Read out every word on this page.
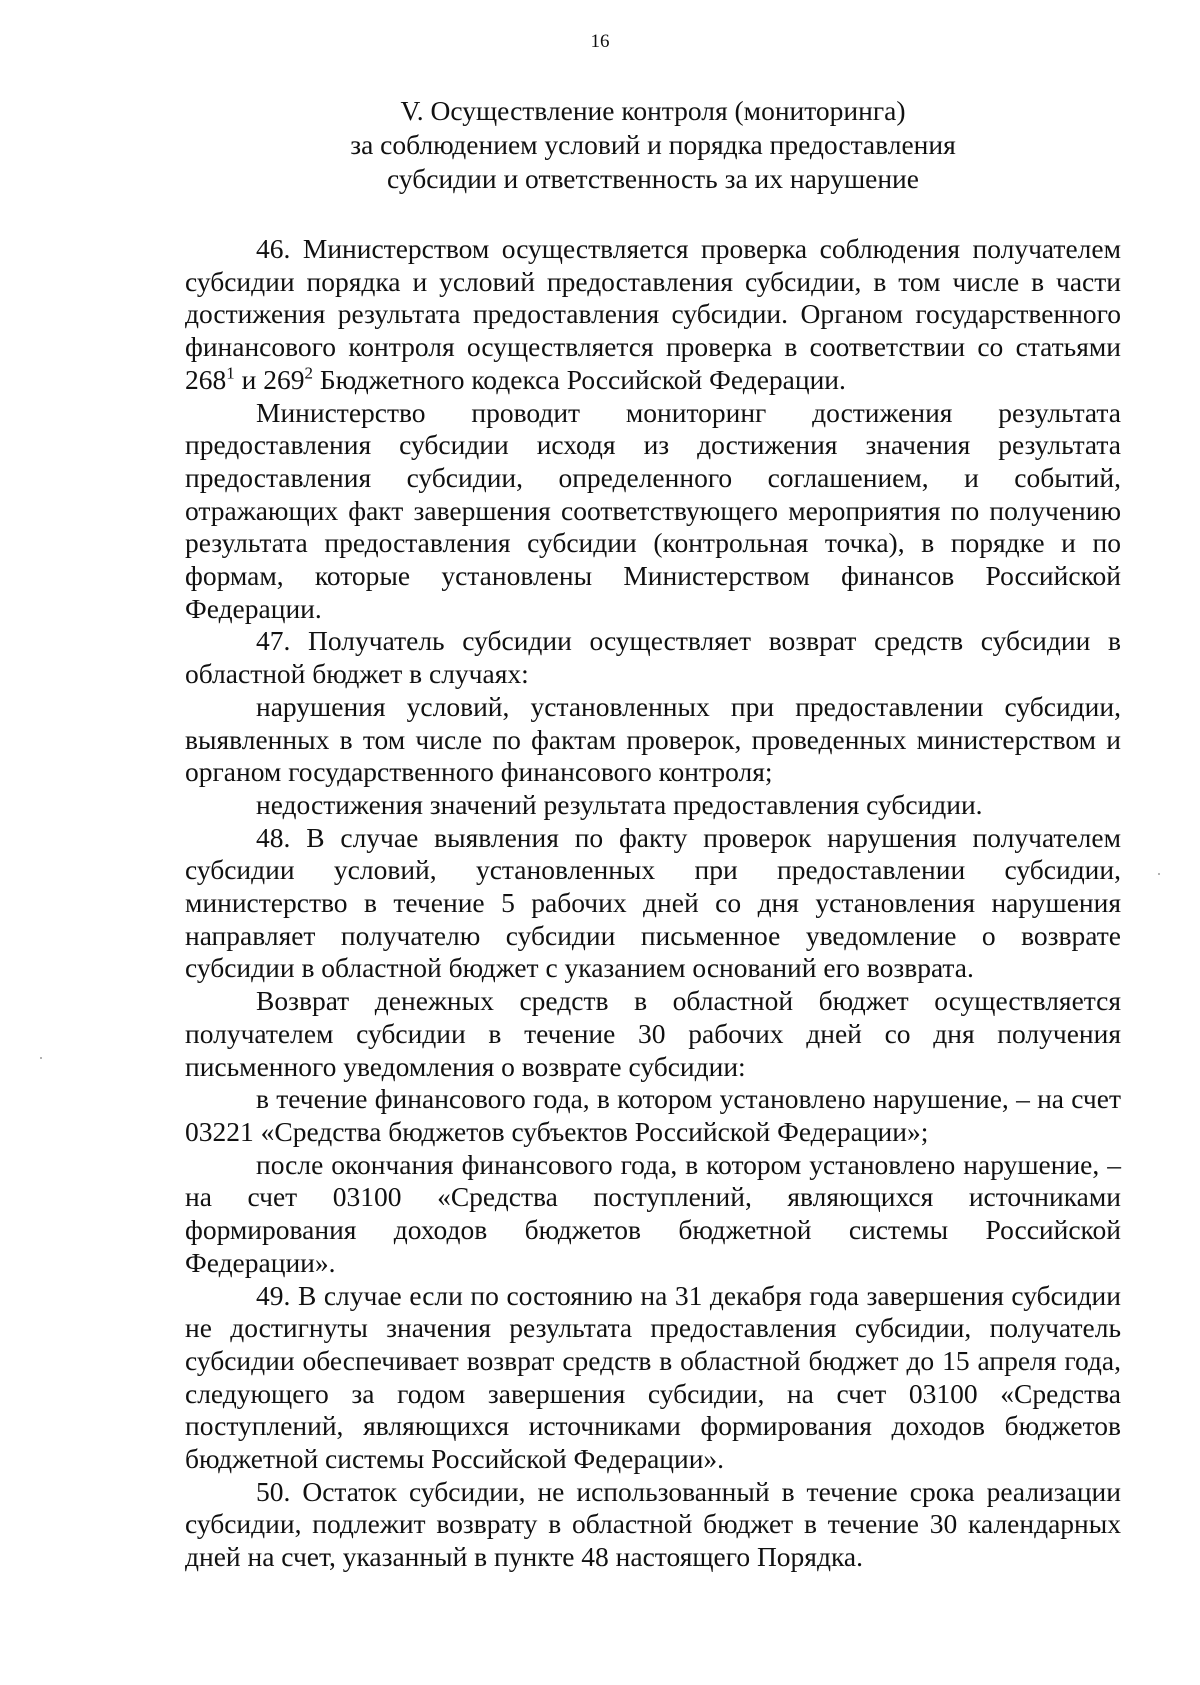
16
V. Осуществление контроля (мониторинга)
за соблюдением условий и порядка предоставления
субсидии и ответственность за их нарушение

46. Министерством осуществляется проверка соблюдения получателем субсидии порядка и условий предоставления субсидии, в том числе в части достижения результата предоставления субсидии. Органом государственного финансового контроля осуществляется проверка в соответствии со статьями $268^1$ и $269^2$ Бюджетного кодекса Российской Федерации.

Министерство проводит мониторинг достижения результата предоставления субсидии исходя из достижения значения результата предоставления субсидии, определенного соглашением, и событий, отражающих факт завершения соответствующего мероприятия по получению результата предоставления субсидии (контрольная точка), в порядке и по формам, которые установлены Министерством финансов Российской Федерации.

47. Получатель субсидии осуществляет возврат средств субсидии в областной бюджет в случаях:

нарушения условий, установленных при предоставлении субсидии, выявленных в том числе по фактам проверок, проведенных министерством и органом государственного финансового контроля;

недостижения значений результата предоставления субсидии.

48. В случае выявления по факту проверок нарушения получателем субсидии условий, установленных при предоставлении субсидии, министерство в течение 5 рабочих дней со дня установления нарушения направляет получателю субсидии письменное уведомление о возврате субсидии в областной бюджет с указанием оснований его возврата.

Возврат денежных средств в областной бюджет осуществляется получателем субсидии в течение 30 рабочих дней со дня получения письменного уведомления о возврате субсидии:

в течение финансового года, в котором установлено нарушение, – на счет 03221 «Средства бюджетов субъектов Российской Федерации»;

после окончания финансового года, в котором установлено нарушение, – на счет 03100 «Средства поступлений, являющихся источниками формирования доходов бюджетов бюджетной системы Российской Федерации».

49. В случае если по состоянию на 31 декабря года завершения субсидии не достигнуты значения результата предоставления субсидии, получатель субсидии обеспечивает возврат средств в областной бюджет до 15 апреля года, следующего за годом завершения субсидии, на счет 03100 «Средства поступлений, являющихся источниками формирования доходов бюджетов бюджетной системы Российской Федерации».

50. Остаток субсидии, не использованный в течение срока реализации субсидии, подлежит возврату в областной бюджет в течение 30 календарных дней на счет, указанный в пункте 48 настоящего Порядка.
